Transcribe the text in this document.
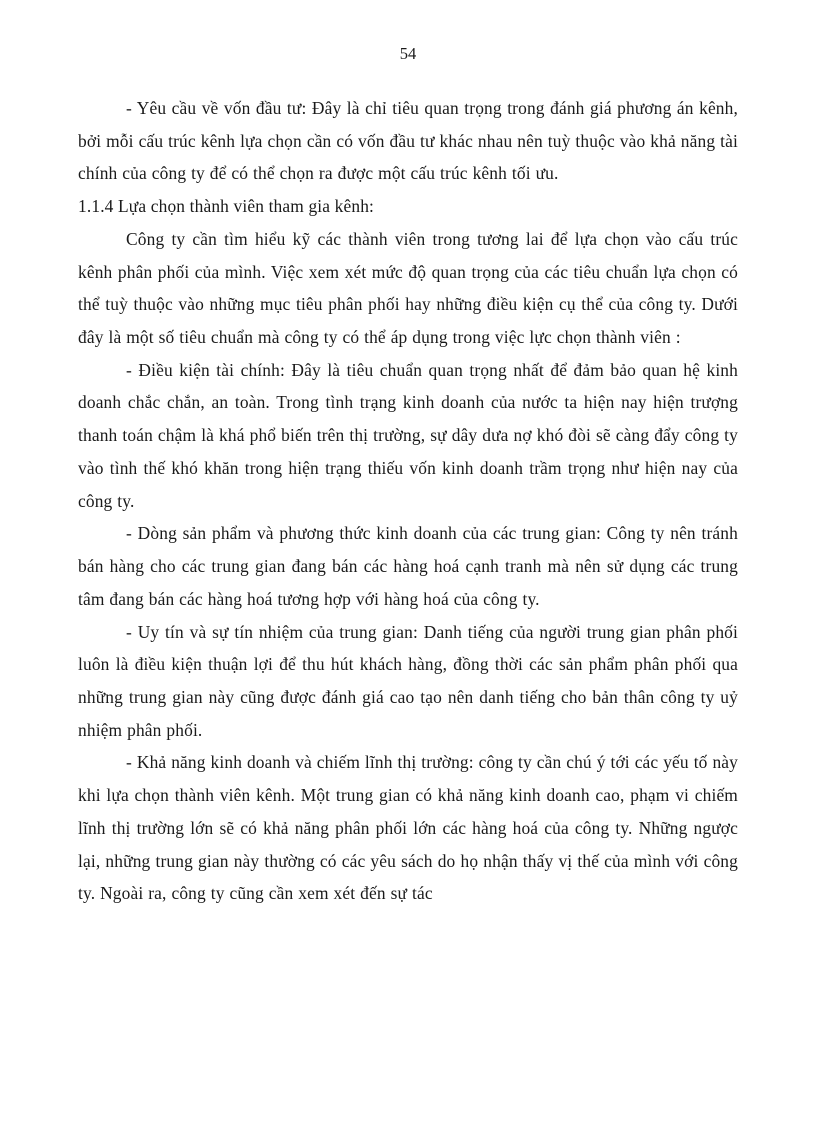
54

- Yêu cầu về vốn đầu tư: Đây là chỉ tiêu quan trọng trong đánh giá phương án kênh, bởi mỗi cấu trúc kênh lựa chọn cần có vốn đầu tư khác nhau nên tuỳ thuộc vào khả năng tài chính của công ty để có thể chọn ra được một cấu trúc kênh tối ưu.

1.1.4 Lựa chọn thành viên tham gia kênh:

Công ty cần tìm hiểu kỹ các thành viên trong tương lai để lựa chọn vào cấu trúc kênh phân phối của mình. Việc xem xét mức độ quan trọng của các tiêu chuẩn lựa chọn có thể tuỳ thuộc vào những mục tiêu phân phối hay những điều kiện cụ thể của công ty. Dưới đây là một số tiêu chuẩn mà công ty có thể áp dụng trong việc lực chọn thành viên :

- Điều kiện tài chính: Đây là tiêu chuẩn quan trọng nhất để đảm bảo quan hệ kinh doanh chắc chắn, an toàn. Trong tình trạng kinh doanh của nước ta hiện nay hiện trượng thanh toán chậm là khá phổ biến trên thị trường, sự dây dưa nợ khó đòi sẽ càng đẩy công ty vào tình thế khó khăn trong hiện trạng thiếu vốn kinh doanh trầm trọng như hiện nay của công ty.

- Dòng sản phẩm và phương thức kinh doanh của các trung gian: Công ty nên tránh bán hàng cho các trung gian đang bán các hàng hoá cạnh tranh mà nên sử dụng các trung tâm đang bán các hàng hoá tương hợp với hàng hoá của công ty.

- Uy tín và sự tín nhiệm của trung gian: Danh tiếng của người trung gian phân phối luôn là điều kiện thuận lợi để thu hút khách hàng, đồng thời các sản phẩm phân phối qua những trung gian này cũng được đánh giá cao tạo nên danh tiếng cho bản thân công ty uỷ nhiệm phân phối.

- Khả năng kinh doanh và chiếm lĩnh thị trường: công ty cần chú ý tới các yếu tố này khi lựa chọn thành viên kênh. Một trung gian có khả năng kinh doanh cao, phạm vi chiếm lĩnh thị trường lớn sẽ có khả năng phân phối lớn các hàng hoá của công ty. Những ngược lại, những trung gian này thường có các yêu sách do họ nhận thấy vị thế của mình với công ty. Ngoài ra, công ty cũng cần xem xét đến sự tác
